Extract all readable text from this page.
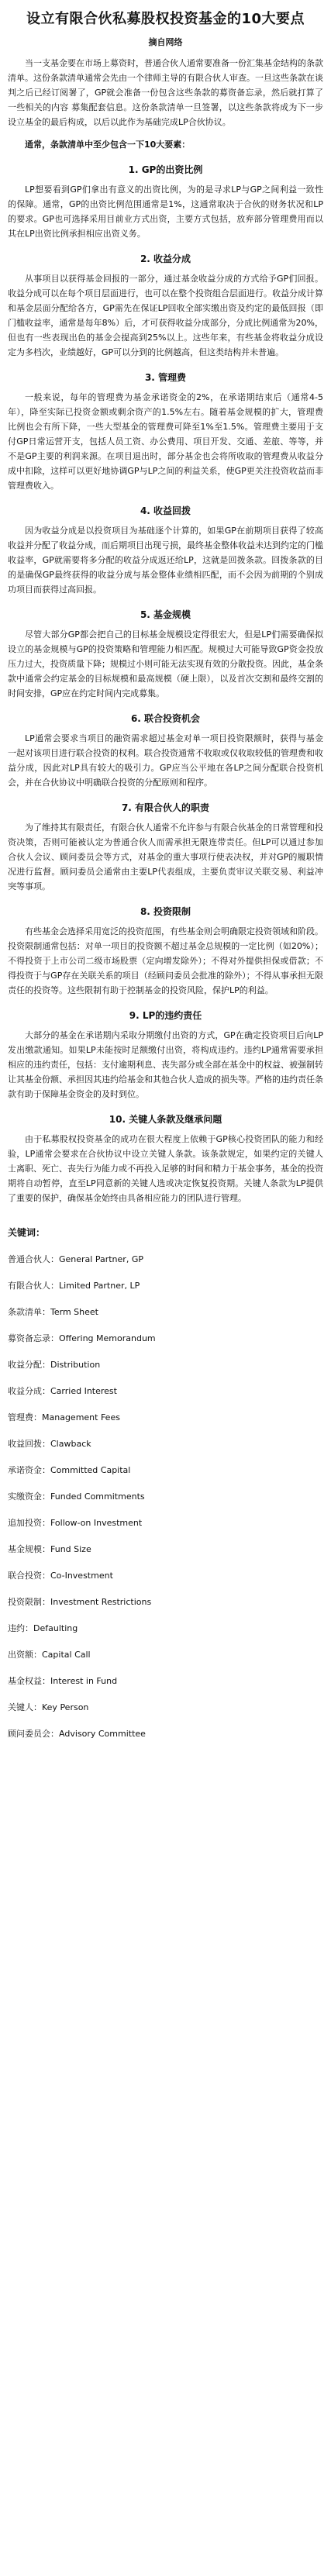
设立有限合伙私募股权投资基金的10大要点
摘自网络

当一支基金要在市场上募资时，普通合伙人通常要准备一份汇集基金结构的条款清单。这份条款清单通常会先由一个律师主导的有限合伙人审查。一旦这些条款在谈判之后已经订阅署了，GP就会准备一份包含这些条款的募资备忘录，然后就打算了一些相关的内容 募集配套信息。这份条款清单一旦签署，以这些条款将成为下一步设立基金的最后构成，以后以此作为基础完成LP合伙协议。

通常，条款清单中至少包含一下10大要素：

1. GP的出资比例

LP想要看到GP们拿出有意义的出资比例，为的是寻求LP与GP之间利益一致性的保障。通常，GP的出资比例范围通常是1%，这通常取决于合伙的财务状况和LP的要求。GP也可选择采用目前业方式出资，主要方式包括，放弃部分管理费用而以其在LP出资比例承担相应出资义务。

2. 收益分成

从事项目以获得基金回报的一部分，通过基金收益分成的方式给予GP们回报。收益分成可以在每个项目层面进行，也可以在整个投资组合层面进行。收益分成计算和基金层面分配给各方，GP需先在保证LP回收全部实缴出资及约定的最低回报（即门槛收益率，通常是每年8%）后，才可获得收益分成部分，分成比例通常为20%，但也有一些表现出色的基金会提高到25%以上。这些年来，有些基金将收益分成设定为多档次，业绩越好，GP可以分到的比例越高，但这类结构并未普遍。

3. 管理费

一般来说，每年的管理费为基金承诺资金的2%，在承诺期结束后（通常4-5年），降至实际已投资金额或剩余资产的1.5%左右。随着基金规模的扩大，管理费比例也会有所下降，一些大型基金的管理费可降至1%至1.5%。管理费主要用于支付GP日常运营开支，包括人员工资、办公费用、项目开发、交通、差旅、等等，并不是GP主要的利润来源。在项目退出时，部分基金也会将所收取的管理费从收益分成中扣除，这样可以更好地协调GP与LP之间的利益关系，使GP更关注投资收益而非管理费收入。

4. 收益回拨

因为收益分成是以投资项目为基础逐个计算的，如果GP在前期项目获得了较高收益并分配了收益分成，而后期项目出现亏损，最终基金整体收益未达到约定的门槛收益率，GP就需要将多分配的收益分成返还给LP，这就是回拨条款。回拨条款的目的是确保GP最终获得的收益分成与基金整体业绩相匹配，而不会因为前期的个别成功项目而获得过高回报。

5. 基金规模

尽管大部分GP都会把自己的目标基金规模设定得很宏大，但是LP们需要确保拟设立的基金规模与GP的投资策略和管理能力相匹配。规模过大可能导致GP资金投放压力过大，投资质量下降；规模过小则可能无法实现有效的分散投资。因此，基金条款中通常会约定基金的目标规模和最高规模（硬上限），以及首次交割和最终交割的时间安排，GP应在约定时间内完成募集。

6. 联合投资机会

LP通常会要求当项目的融资需求超过基金对单一项目投资限额时，获得与基金一起对该项目进行联合投资的权利。联合投资通常不收取或仅收取较低的管理费和收益分成，因此对LP具有较大的吸引力。GP应当公平地在各LP之间分配联合投资机会，并在合伙协议中明确联合投资的分配原则和程序。

7. 有限合伙人的职责

为了维持其有限责任，有限合伙人通常不允许参与有限合伙基金的日常管理和投资决策，否则可能被认定为普通合伙人而需承担无限连带责任。但LP可以通过参加合伙人会议、顾问委员会等方式，对基金的重大事项行使表决权，并对GP的履职情况进行监督。顾问委员会通常由主要LP代表组成，主要负责审议关联交易、利益冲突等事项。

8. 投资限制

有些基金会选择采用宽泛的投资范围，有些基金则会明确限定投资领域和阶段。投资限制通常包括：对单一项目的投资额不超过基金总规模的一定比例（如20%）；不得投资于上市公司二级市场股票（定向增发除外）；不得对外提供担保或借款；不得投资于与GP存在关联关系的项目（经顾问委员会批准的除外）；不得从事承担无限责任的投资等。这些限制有助于控制基金的投资风险，保护LP的利益。

9. LP的违约责任

大部分的基金在承诺期内采取分期缴付出资的方式，GP在确定投资项目后向LP发出缴款通知。如果LP未能按时足额缴付出资，将构成违约。违约LP通常需要承担相应的违约责任，包括：支付逾期利息、丧失部分或全部在基金中的权益、被强制转让其基金份额、承担因其违约给基金和其他合伙人造成的损失等。严格的违约责任条款有助于保障基金资金的及时到位。

10. 关键人条款及继承问题

由于私募股权投资基金的成功在很大程度上依赖于GP核心投资团队的能力和经验，LP通常会要求在合伙协议中设立关键人条款。该条款规定，如果约定的关键人士离职、死亡、丧失行为能力或不再投入足够的时间和精力于基金事务，基金的投资期将自动暂停，直至LP同意新的关键人选或决定恢复投资期。关键人条款为LP提供了重要的保护，确保基金始终由具备相应能力的团队进行管理。

关键词：
普通合伙人：General Partner, GP
有限合伙人：Limited Partner, LP
条款清单：Term Sheet
募资备忘录：Offering Memorandum
收益分配：Distribution
收益分成：Carried Interest
管理费：Management Fees
收益回拨：Clawback
承诺资金：Committed Capital
实缴资金：Funded Commitments
追加投资：Follow-on Investment
基金规模：Fund Size
联合投资：Co-Investment
投资限制：Investment Restrictions
违约：Defaulting
出资额：Capital Call
基金权益：Interest in Fund
关键人：Key Person
顾问委员会：Advisory Committee
